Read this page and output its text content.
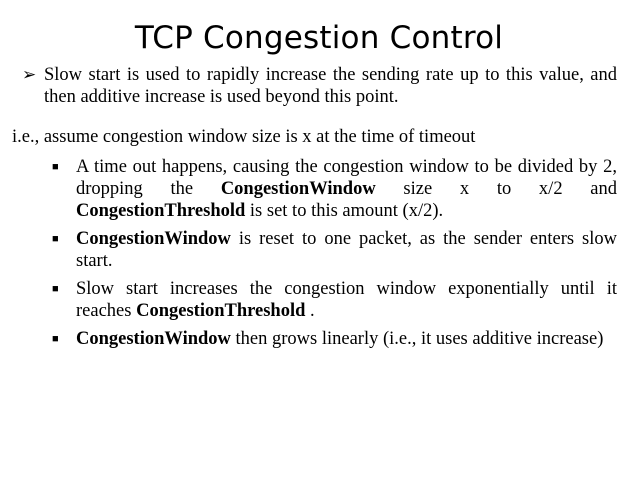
TCP Congestion Control
➢ Slow start is used to rapidly increase the sending rate up to this value, and then additive increase is used beyond this point.
i.e., assume congestion window size is x at the time of timeout
■ A time out happens, causing the congestion window to be divided by 2, dropping the CongestionWindow size x to x/2 and CongestionThreshold is set to this amount (x/2).
■ CongestionWindow is reset to one packet, as the sender enters slow start.
■ Slow start increases the congestion window exponentially until it reaches CongestionThreshold .
■ CongestionWindow then grows linearly (i.e., it uses additive increase)
